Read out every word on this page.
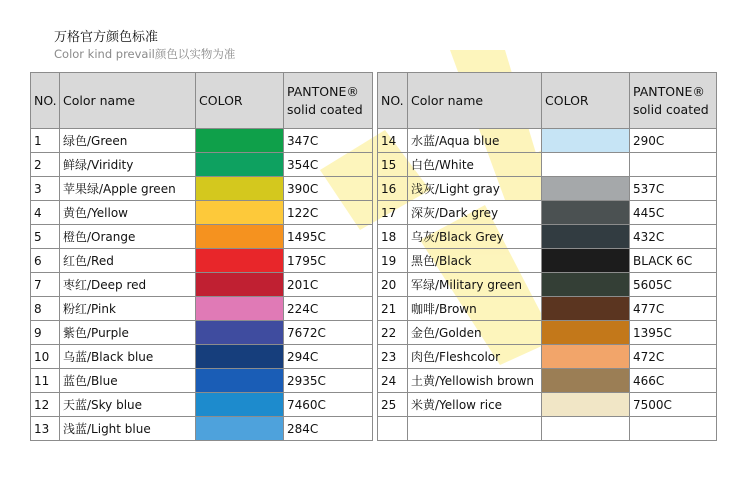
万格官方颜色标准
Color kind prevail颜色以实物为准
NO.	Color name	COLOR	PANTONE®
solid coated
1	绿色/Green		347C
2	鲜绿/Viridity		354C
3	苹果绿/Apple green		390C
4	黄色/Yellow		122C
5	橙色/Orange		1495C
6	红色/Red		1795C
7	枣红/Deep red		201C
8	粉红/Pink		224C
9	紫色/Purple		7672C
10	乌蓝/Black blue		294C
11	蓝色/Blue		2935C
12	天蓝/Sky blue		7460C
13	浅蓝/Light blue		284C
NO.	Color name	COLOR	PANTONE®
solid coated
14	水蓝/Aqua blue		290C
15	白色/White	

16	浅灰/Light gray		537C
17	深灰/Dark grey		445C
18	乌灰/Black Grey		432C
19	黑色/Black		BLACK 6C
20	军绿/Military green		5605C
21	咖啡/Brown		477C
22	金色/Golden		1395C
23	肉色/Fleshcolor		472C
24	土黄/Yellowish brown		466C
25	米黄/Yellow rice		7500C
